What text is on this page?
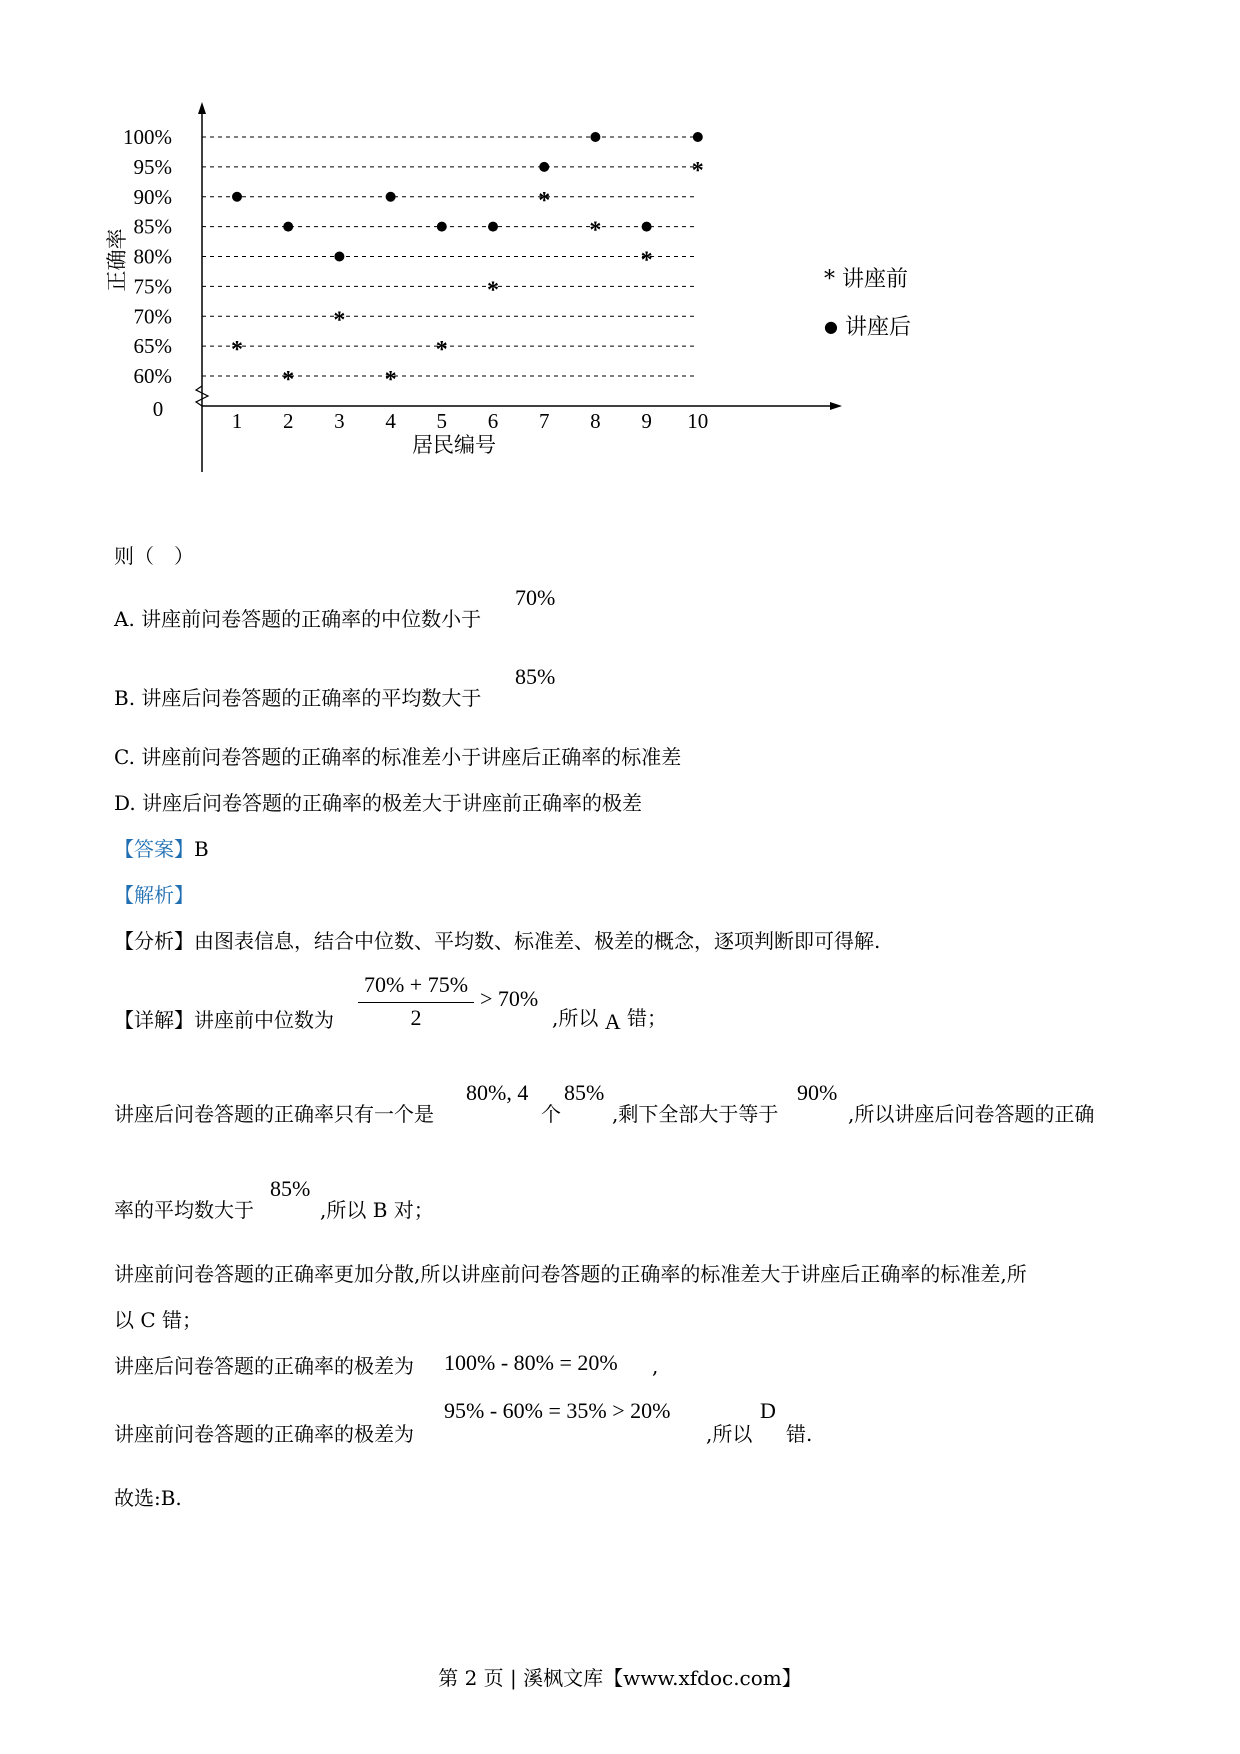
100%
95%
90%
85%
80%
75%
70%
65%
60%
1 2 3 4 5 6 7 8 9 10
0
正确率
居民编号
*
*
*
*
*
*
*
*
*
*
* 讲座前
● 讲座后
则（　）
A. 讲座前问卷答题的正确率的中位数小于
70%
B. 讲座后问卷答题的正确率的平均数大于
85%
C. 讲座前问卷答题的正确率的标准差小于讲座后正确率的标准差
D. 讲座后问卷答题的正确率的极差大于讲座前正确率的极差
【答案】B
【解析】
【分析】由图表信息，结合中位数、平均数、标准差、极差的概念，逐项判断即可得解.
【详解】讲座前中位数为
70% + 75%
2
> 70%
,所以 A 错；
讲座后问卷答题的正确率只有一个是
80%, 4
个
85%
,剩下全部大于等于
90%
,所以讲座后问卷答题的正确
率的平均数大于
85%
,所以 B 对；
讲座前问卷答题的正确率更加分散,所以讲座前问卷答题的正确率的标准差大于讲座后正确率的标准差,所
以 C 错；
讲座后问卷答题的正确率的极差为 100% - 80% = 20% ,
讲座前问卷答题的正确率的极差为
95% - 60% = 35% > 20%
,所以
D
错.
故选:B.
第 2 页 | 溪枫文库【www.xfdoc.com】
